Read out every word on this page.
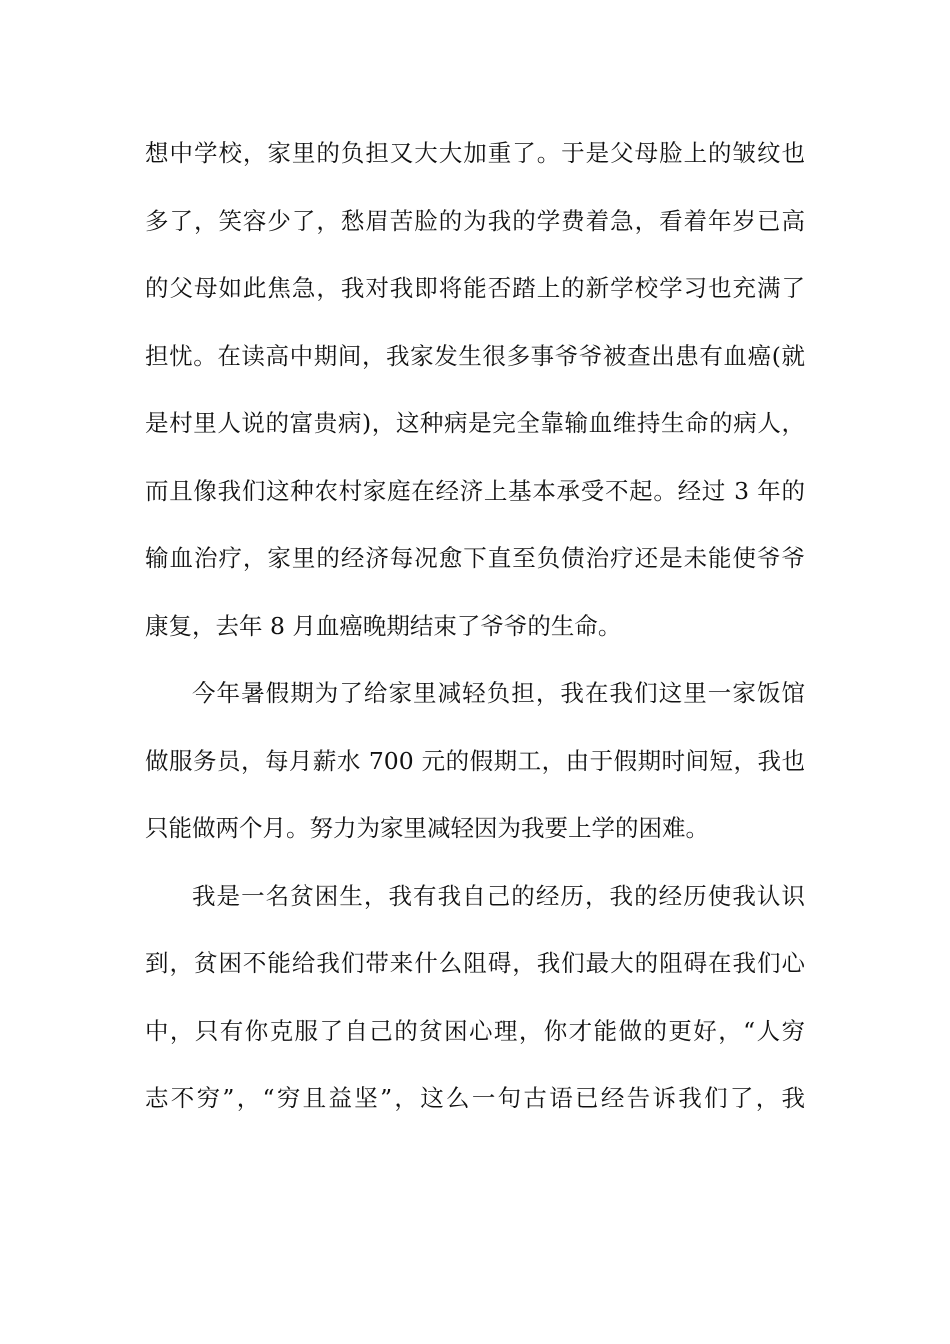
想中学校，家里的负担又大大加重了。于是父母脸上的皱纹也
多了，笑容少了，愁眉苦脸的为我的学费着急，看着年岁已高
的父母如此焦急，我对我即将能否踏上的新学校学习也充满了
担忧。在读高中期间，我家发生很多事爷爷被查出患有血癌(就
是村里人说的富贵病)，这种病是完全靠输血维持生命的病人，
而且像我们这种农村家庭在经济上基本承受不起。经过 3 年的
输血治疗，家里的经济每况愈下直至负债治疗还是未能使爷爷
康复，去年 8 月血癌晚期结束了爷爷的生命。
今年暑假期为了给家里减轻负担，我在我们这里一家饭馆
做服务员，每月薪水 700 元的假期工，由于假期时间短，我也
只能做两个月。努力为家里减轻因为我要上学的困难。
我是一名贫困生，我有我自己的经历，我的经历使我认识
到，贫困不能给我们带来什么阻碍，我们最大的阻碍在我们心
中，只有你克服了自己的贫困心理，你才能做的更好，“人穷
志不穷”，“穷且益坚”，这么一句古语已经告诉我们了，我
